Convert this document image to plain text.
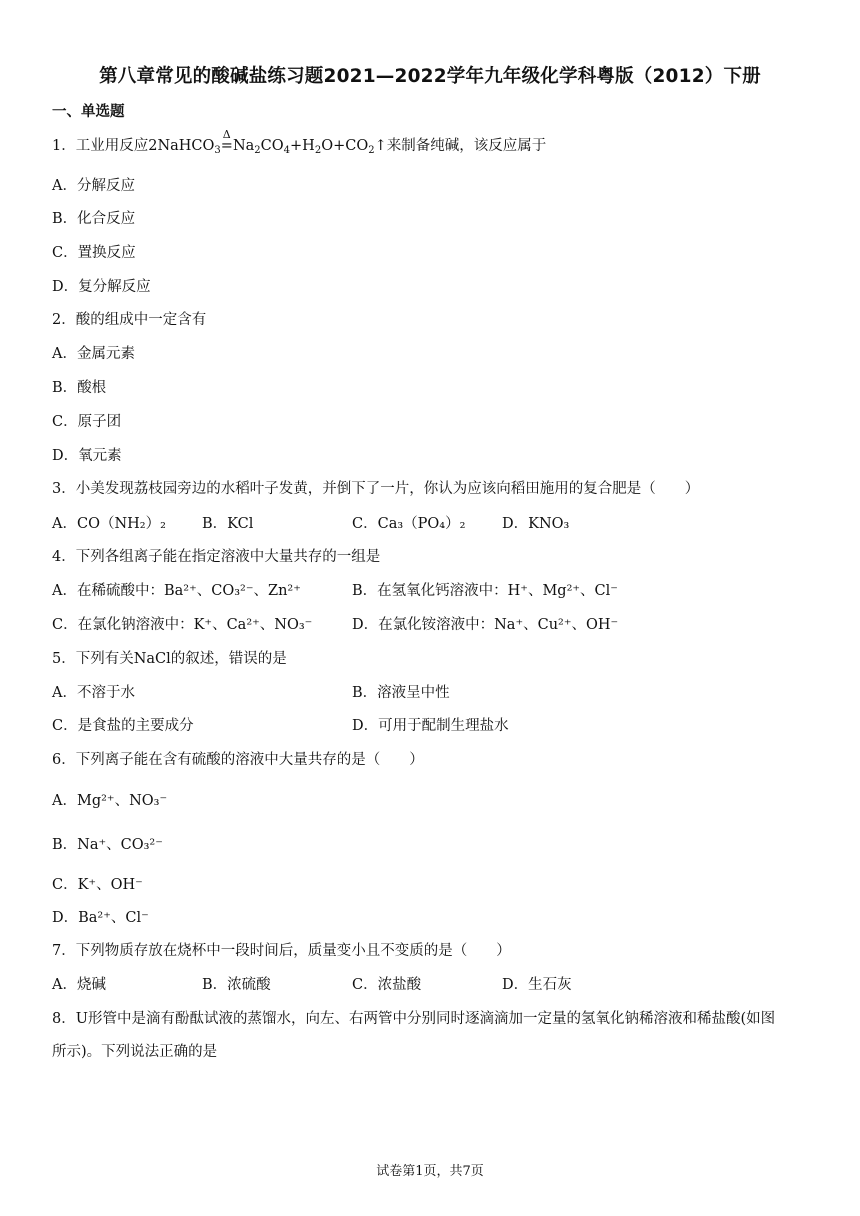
第八章常见的酸碱盐练习题2021—2022学年九年级化学科粤版（2012）下册
一、单选题
1．工业用反应2NaHCO$_3$
Δ
$=Na_2CO_4+H_2O+CO_2↑$来制备纯碱，该反应属于
A．分解反应
B．化合反应
C．置换反应
D．复分解反应
2．酸的组成中一定含有
A．金属元素
B．酸根
C．原子团
D．氧元素
3．小美发现荔枝园旁边的水稻叶子发黄，并倒下了一片，你认为应该向稻田施用的复合肥是（　　）
A．CO（NH₂）₂ B．KCl	C．Ca₃（PO₄）₂	D．KNO₃
4．下列各组离子能在指定溶液中大量共存的一组是
A．在稀硫酸中：Ba²⁺、CO₃²⁻、Zn²⁺	B．在氢氧化钙溶液中：H⁺、Mg²⁺、Cl⁻
C．在氯化钠溶液中：K⁺、Ca²⁺、NO₃⁻	D．在氯化铵溶液中：Na⁺、Cu²⁺、OH⁻
5．下列有关NaCl的叙述，错误的是
A．不溶于水	B．溶液呈中性
C．是食盐的主要成分	D．可用于配制生理盐水
6．下列离子能在含有硫酸的溶液中大量共存的是（　　）
A．Mg²⁺、NO₃⁻
B．Na⁺、CO₃²⁻
C．K⁺、OH⁻
D．Ba²⁺、Cl⁻
7．下列物质存放在烧杯中一段时间后，质量变小且不变质的是（　　）
A．烧碱	B．浓硫酸	C．浓盐酸	D．生石灰
8．U形管中是滴有酚酞试液的蒸馏水，向左、右两管中分别同时逐滴滴加一定量的氢氧化钠稀溶液和稀盐酸(如图
所示)。下列说法正确的是
试卷第1页，共7页
